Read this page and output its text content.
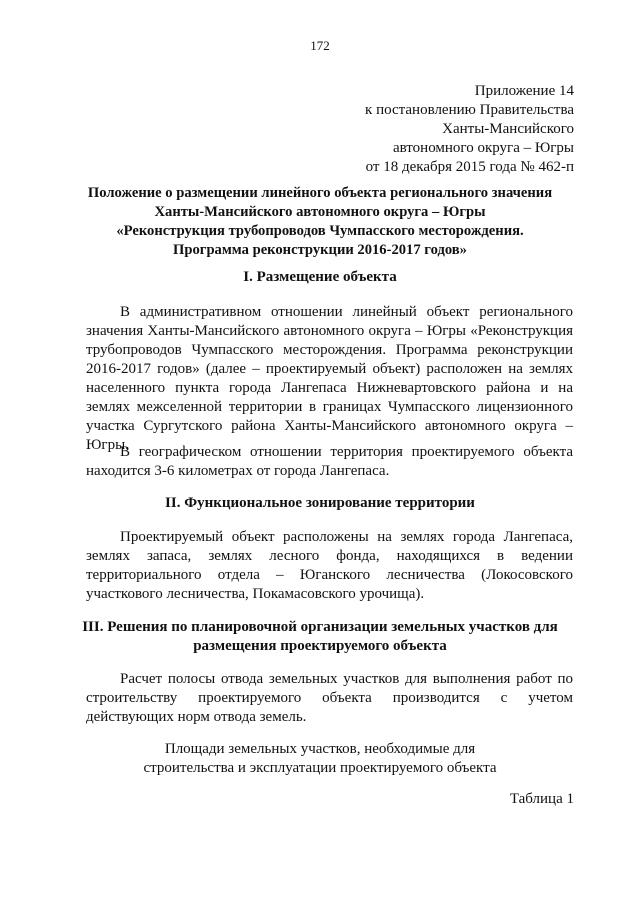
172
Приложение 14
к постановлению Правительства
Ханты-Мансийского
автономного округа – Югры
от 18 декабря 2015 года № 462-п
Положение о размещении линейного объекта регионального значения
Ханты-Мансийского автономного округа – Югры
«Реконструкция трубопроводов Чумпасского месторождения.
Программа реконструкции 2016-2017 годов»
I. Размещение объекта
В административном отношении линейный объект регионального значения Ханты-Мансийского автономного округа – Югры «Реконструкция трубопроводов Чумпасского месторождения. Программа реконструкции 2016-2017 годов» (далее – проектируемый объект) расположен на землях населенного пункта города Лангепаса Нижневартовского района и на землях межселенной территории в границах Чумпасского лицензионного участка Сургутского района Ханты-Мансийского автономного округа – Югры.
В географическом отношении территория проектируемого объекта находится 3-6 километрах от города Лангепаса.
II. Функциональное зонирование территории
Проектируемый объект расположены на землях города Лангепаса, землях запаса, землях лесного фонда, находящихся в ведении территориального отдела – Юганского лесничества (Локосовского участкового лесничества, Покамасовского урочища).
III. Решения по планировочной организации земельных участков для
размещения проектируемого объекта
Расчет полосы отвода земельных участков для выполнения работ по строительству проектируемого объекта производится с учетом действующих норм отвода земель.
Площади земельных участков, необходимые для
строительства и эксплуатации проектируемого объекта
Таблица 1
